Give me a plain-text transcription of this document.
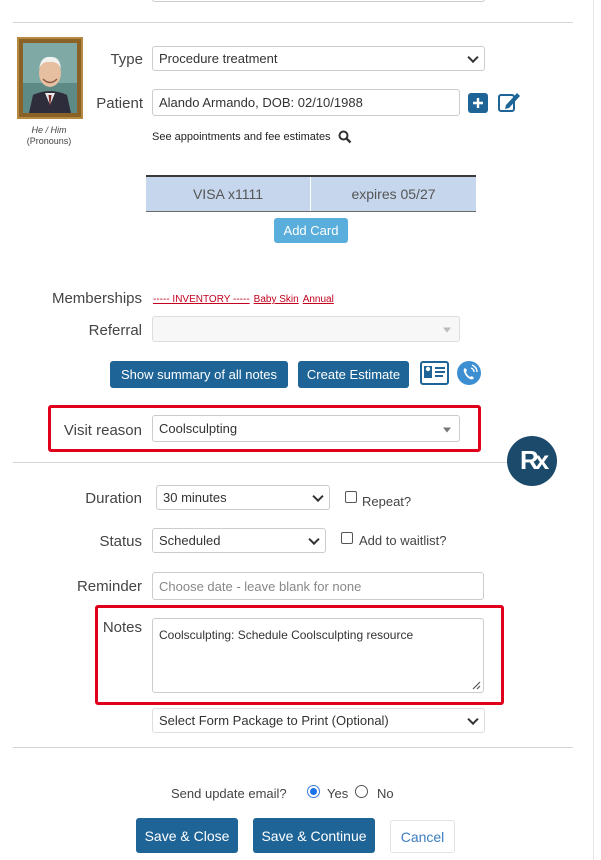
He / Him
(Pronouns)
Type Procedure treatment
Patient Alando Armando, DOB: 02/10/1988
See appointments and fee estimates
VISA x1111	expires 05/27
Add Card
Memberships ----- INVENTORY ----- Baby Skin Annual
Referral
Show summary of all notes	Create Estimate
Visit reason Coolsculpting
Rx
Duration 30 minutes	Repeat?
Status Scheduled	Add to waitlist?
Reminder Choose date - leave blank for none
Notes	Coolsculpting: Schedule Coolsculpting resource
Select Form Package to Print (Optional)
Send update email?	Yes No
Save & Close	Save & Continue	Cancel
